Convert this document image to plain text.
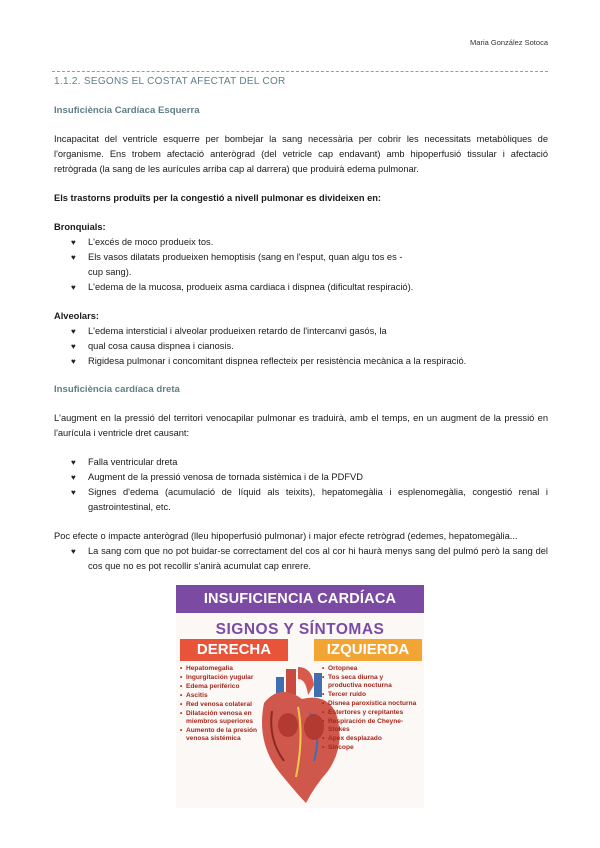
Maria González Sotoca

1.1.2. SEGONS EL COSTAT AFECTAT DEL COR

Insuficiència Cardíaca Esquerra

Incapacitat del ventricle esquerre per bombejar la sang necessària per cobrir les necessitats metabòliques de l'organisme. Ens trobem afectació anterògrad (del vetricle cap endavant) amb hipoperfusió tissular i afectació retrògrada (la sang de les aurícules arriba cap al darrera) que produirà edema pulmonar.

Els trastorns produïts per la congestió a nivell pulmonar es divideixen en:

Bronquials:

♥ L'excés de moco produeix tos.
♥ Els vasos dilatats produeixen hemoptisis (sang en l'esput, quan algu tos es -
cup sang).
♥ L'edema de la mucosa, produeix asma cardiaca i dispnea (dificultat respiració).

Alveolars:

♥ L'edema intersticial i alveolar produeixen retardo de l'intercanvi gasós, la
♥ qual cosa causa dispnea i cianosis.
♥ Rigidesa pulmonar i concomitant dispnea reflecteix per resistència mecànica a la respiració.

Insuficiència cardíaca dreta

L'augment en la pressió del territori venocapilar pulmonar es traduirà, amb el temps, en un augment de la pressió en l'aurícula i ventricle dret causant:

♥ Falla ventricular dreta
♥ Augment de la pressió venosa de tornada sistèmica i de la PDFVD
♥ Signes d'edema (acumulació de líquid als teixits), hepatomegàlia i esplenomegàlia, congestió renal i gastrointestinal, etc.

Poc efecte o impacte anterògrad (lleu hipoperfusió pulmonar) i major efecte retrògrad (edemes, hepatomegàlia...

♥ La sang com que no pot buidar-se correctament del cos al cor hi haurà menys sang del pulmó però la sang del cos que no es pot recollir s'anirà acumulat cap enrere.
INSUFICIENCIA CARDÍACA
SIGNOS Y SÍNTOMAS
DERECHA	IZQUIERDA
• Hepatomegalia
• Ingurgitación yugular
• Edema periférico
• Ascitis
• Red venosa colateral
• Dilatación venosa en miembros superiores
• Aumento de la presión venosa sistémica
• Ortopnea
• Tos seca diurna y productiva nocturna
• Tercer ruido
• Disnea paroxística nocturna
• Estertores y crepitantes
• Respiración de Cheyne-Stokes
• Apex desplazado
• Síncope
